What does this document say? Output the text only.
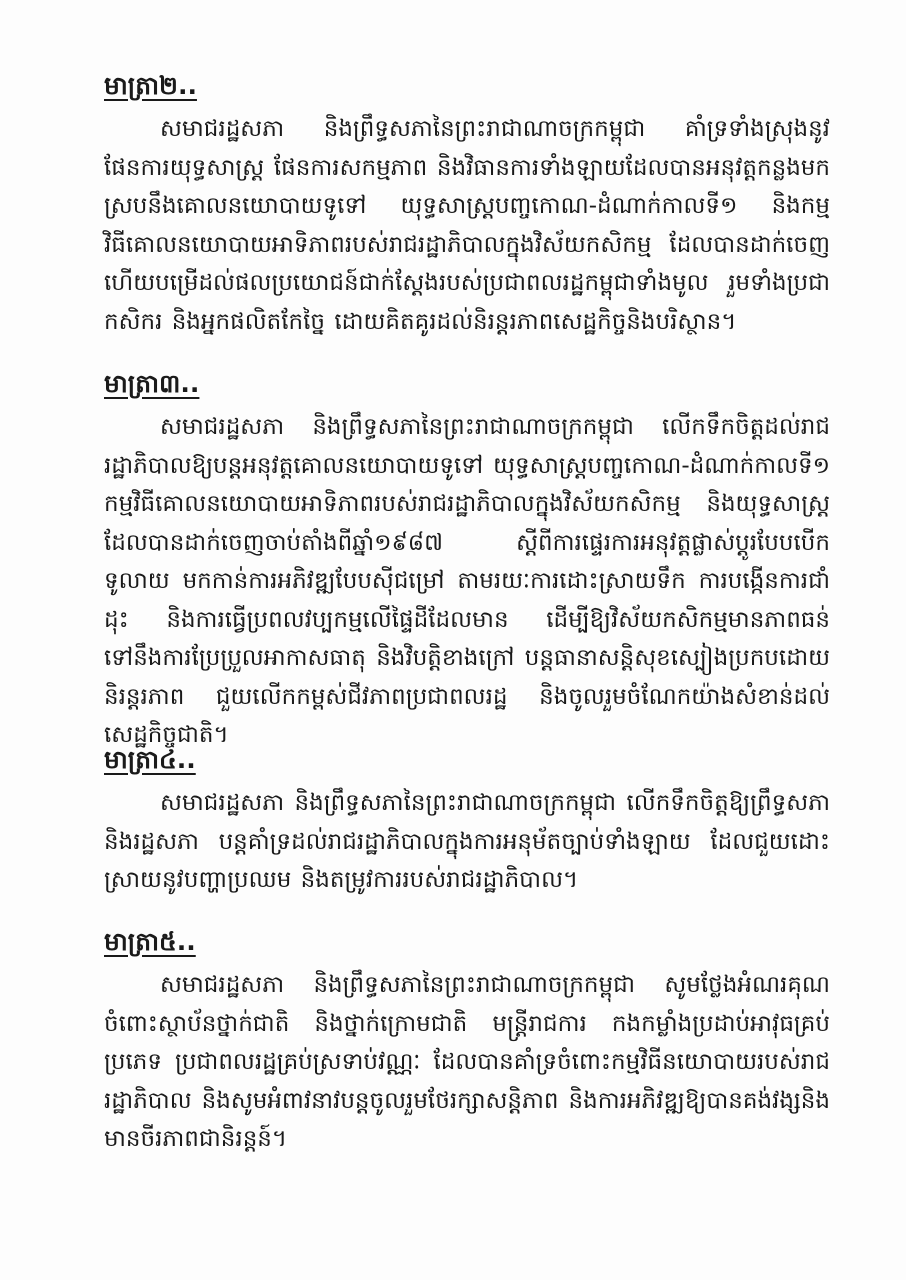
មាត្រា២..

សមាជរដ្ឋសភា និងព្រឹទ្ធសភានៃព្រះរាជាណាចក្រកម្ពុជា គាំទ្រទាំងស្រុងនូវផែនការយុទ្ធសាស្ត្រ ផែនការសកម្មភាព និងវិធានការទាំងឡាយដែលបានអនុវត្តកន្លងមកស្របនឹងគោលនយោបាយទូទៅ យុទ្ធសាស្ត្របញ្ចកោណ-ដំណាក់កាលទី១ និងកម្មវិធីគោលនយោបាយអាទិភាពរបស់រាជរដ្ឋាភិបាលក្នុងវិស័យកសិកម្ម ដែលបានដាក់ចេញ ហើយបម្រើដល់ផលប្រយោជន៍ជាក់ស្តែងរបស់ប្រជាពលរដ្ឋកម្ពុជាទាំងមូល រួមទាំងប្រជាកសិករ និងអ្នកផលិតកែច្នៃ ដោយគិតគូរដល់និរន្តរភាពសេដ្ឋកិច្ចនិងបរិស្ថាន។

មាត្រា៣..

សមាជរដ្ឋសភា និងព្រឹទ្ធសភានៃព្រះរាជាណាចក្រកម្ពុជា លើកទឹកចិត្តដល់រាជរដ្ឋាភិបាលឱ្យបន្តអនុវត្តគោលនយោបាយទូទៅ យុទ្ធសាស្ត្របញ្ចកោណ-ដំណាក់កាលទី១ កម្មវិធីគោលនយោបាយអាទិភាពរបស់រាជរដ្ឋាភិបាលក្នុងវិស័យកសិកម្ម និងយុទ្ធសាស្ត្រដែលបានដាក់ចេញចាប់តាំងពីឆ្នាំ១៩៨៧ ស្តីពីការផ្ទេរការអនុវត្តផ្លាស់ប្តូរបែបបើកទូលាយ មកកាន់ការអភិវឌ្ឍបែបស៊ីជម្រៅ តាមរយៈការដោះស្រាយទឹក ការបង្កើនការជាំដុះ និងការធ្វើប្រពលវប្បកម្មលើផ្ទៃដីដែលមាន ដើម្បីឱ្យវិស័យកសិកម្មមានភាពធន់ទៅនឹងការប្រែប្រួលអាកាសធាតុ និងវិបត្តិខាងក្រៅ បន្តធានាសន្តិសុខស្បៀងប្រកបដោយនិរន្តរភាព ជួយលើកកម្ពស់ជីវភាពប្រជាពលរដ្ឋ និងចូលរួមចំណែកយ៉ាងសំខាន់ដល់សេដ្ឋកិច្ចជាតិ។

មាត្រា៤..

សមាជរដ្ឋសភា និងព្រឹទ្ធសភានៃព្រះរាជាណាចក្រកម្ពុជា លើកទឹកចិត្តឱ្យព្រឹទ្ធសភា និងរដ្ឋសភា បន្តគាំទ្រដល់រាជរដ្ឋាភិបាលក្នុងការអនុម័តច្បាប់ទាំងឡាយ ដែលជួយដោះស្រាយនូវបញ្ហាប្រឈម និងតម្រូវការរបស់រាជរដ្ឋាភិបាល។

មាត្រា៥..

សមាជរដ្ឋសភា និងព្រឹទ្ធសភានៃព្រះរាជាណាចក្រកម្ពុជា សូមថ្លែងអំណរគុណចំពោះស្ថាប័នថ្នាក់ជាតិ និងថ្នាក់ក្រោមជាតិ មន្ត្រីរាជការ កងកម្លាំងប្រដាប់អាវុធគ្រប់ប្រភេទ ប្រជាពលរដ្ឋគ្រប់ស្រទាប់វណ្ណៈ ដែលបានគាំទ្រចំពោះកម្មវិធីនយោបាយរបស់រាជរដ្ឋាភិបាល និងសូមអំពាវនាវបន្តចូលរួមថែរក្សាសន្តិភាព និងការអភិវឌ្ឍឱ្យបានគង់វង្សនិងមានចីរភាពជានិរន្តន៍។
